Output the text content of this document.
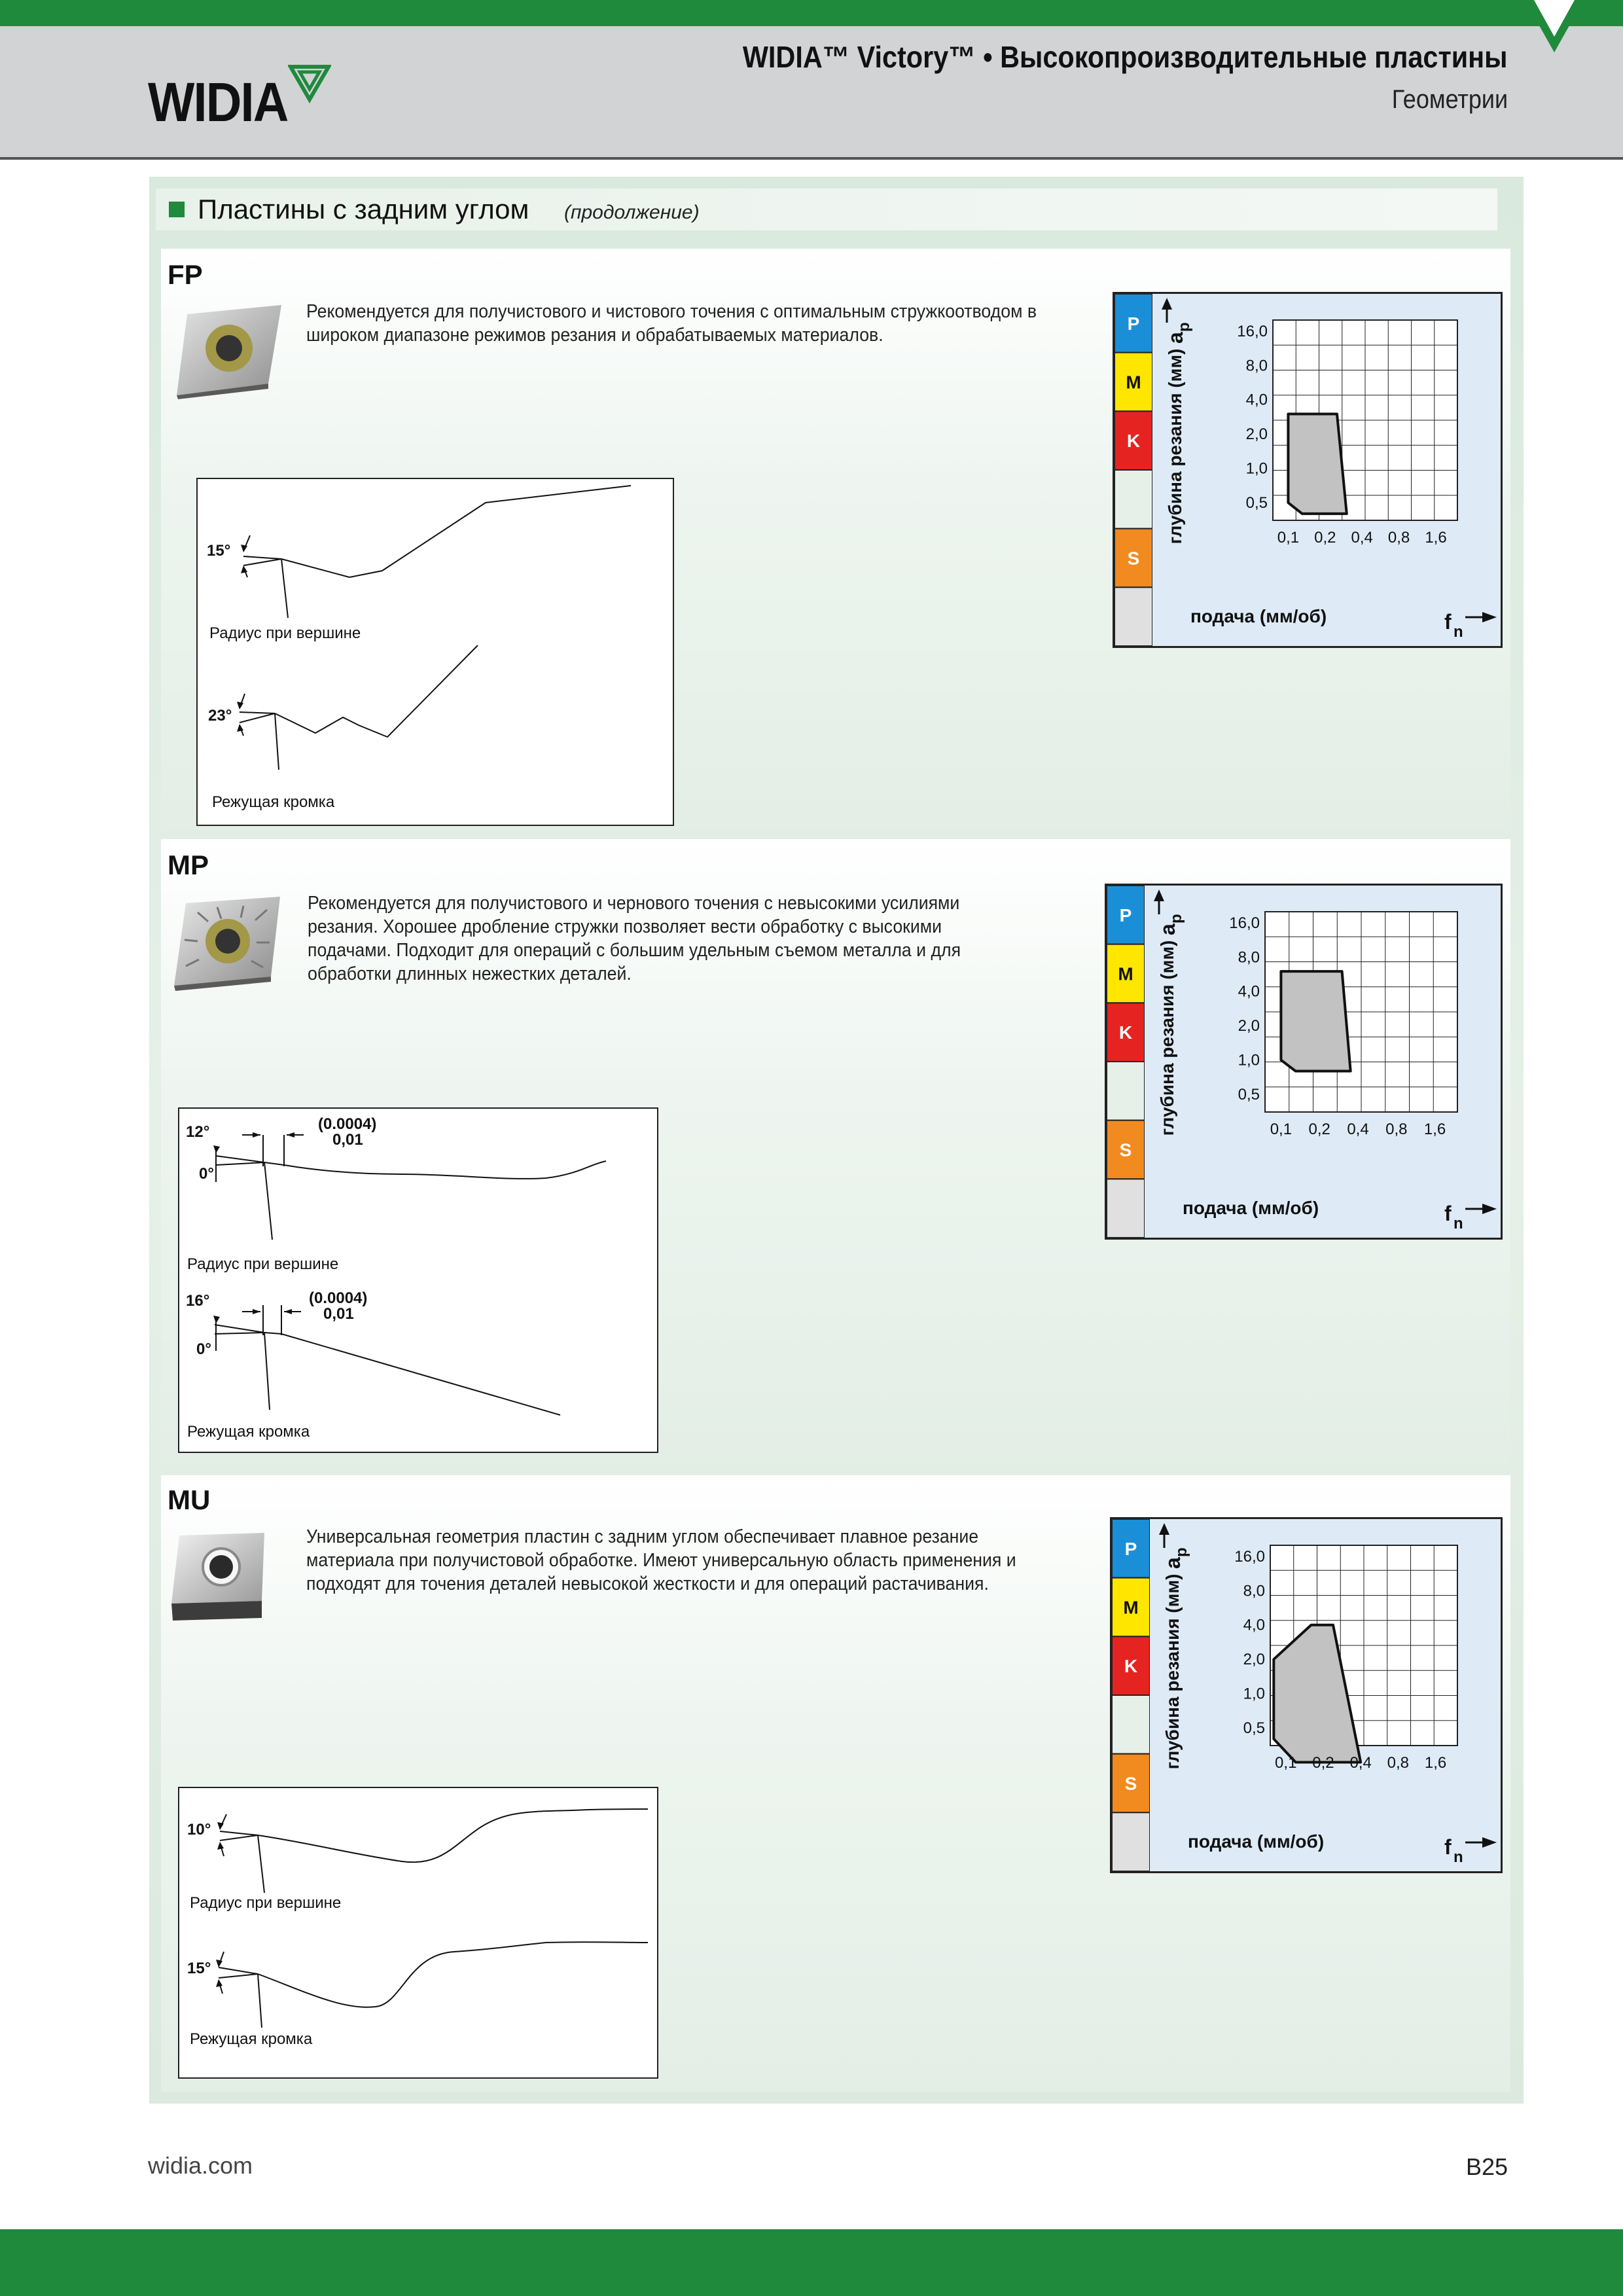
WIDIA
WIDIA™ Victory™ • Высокопроизводительные пластины
Геометрии
Пластины с задним углом (продолжение)
FP
Рекомендуется для получистового и чистового точения с оптимальным стружкоотводом в широком диапазоне режимов резания и обрабатываемых материалов.
15°
Радиус при вершине
23°
Режущая кромка
P
M
K
S
16,0
8,0
4,0
2,0
1,0
0,5
0,1 0,2 0,4 0,8 1,6
глубина резания (мм)
подача (мм/об)
a
p
f n
MP
Рекомендуется для получистового и чернового точения с невысокими усилиями резания. Хорошее дробление стружки позволяет вести обработку с высокими подачами. Подходит для операций с большим удельным съемом металла и для обработки длинных нежестких деталей.
12°
0°
(0.0004)
0,01
Радиус при вершине
16°
0°
(0.0004)
0,01
Режущая кромка
P
M
K
S
16,0
8,0
4,0
2,0
1,0
0,5
0,1 0,2 0,4 0,8 1,6
глубина резания (мм)
подача (мм/об)
a
p
f n
MU
Универсальная геометрия пластин с задним углом обеспечивает плавное резание материала при получистовой обработке. Имеют универсальную область применения и подходят для точения деталей невысокой жесткости и для операций растачивания.
10°
Радиус при вершине
15°
Режущая кромка
P
M
K
S
16,0
8,0
4,0
2,0
1,0
0,5
0,1 0,2 0,4 0,8 1,6
глубина резания (мм)
подача (мм/об)
a
p
f n
widia.com	B25
